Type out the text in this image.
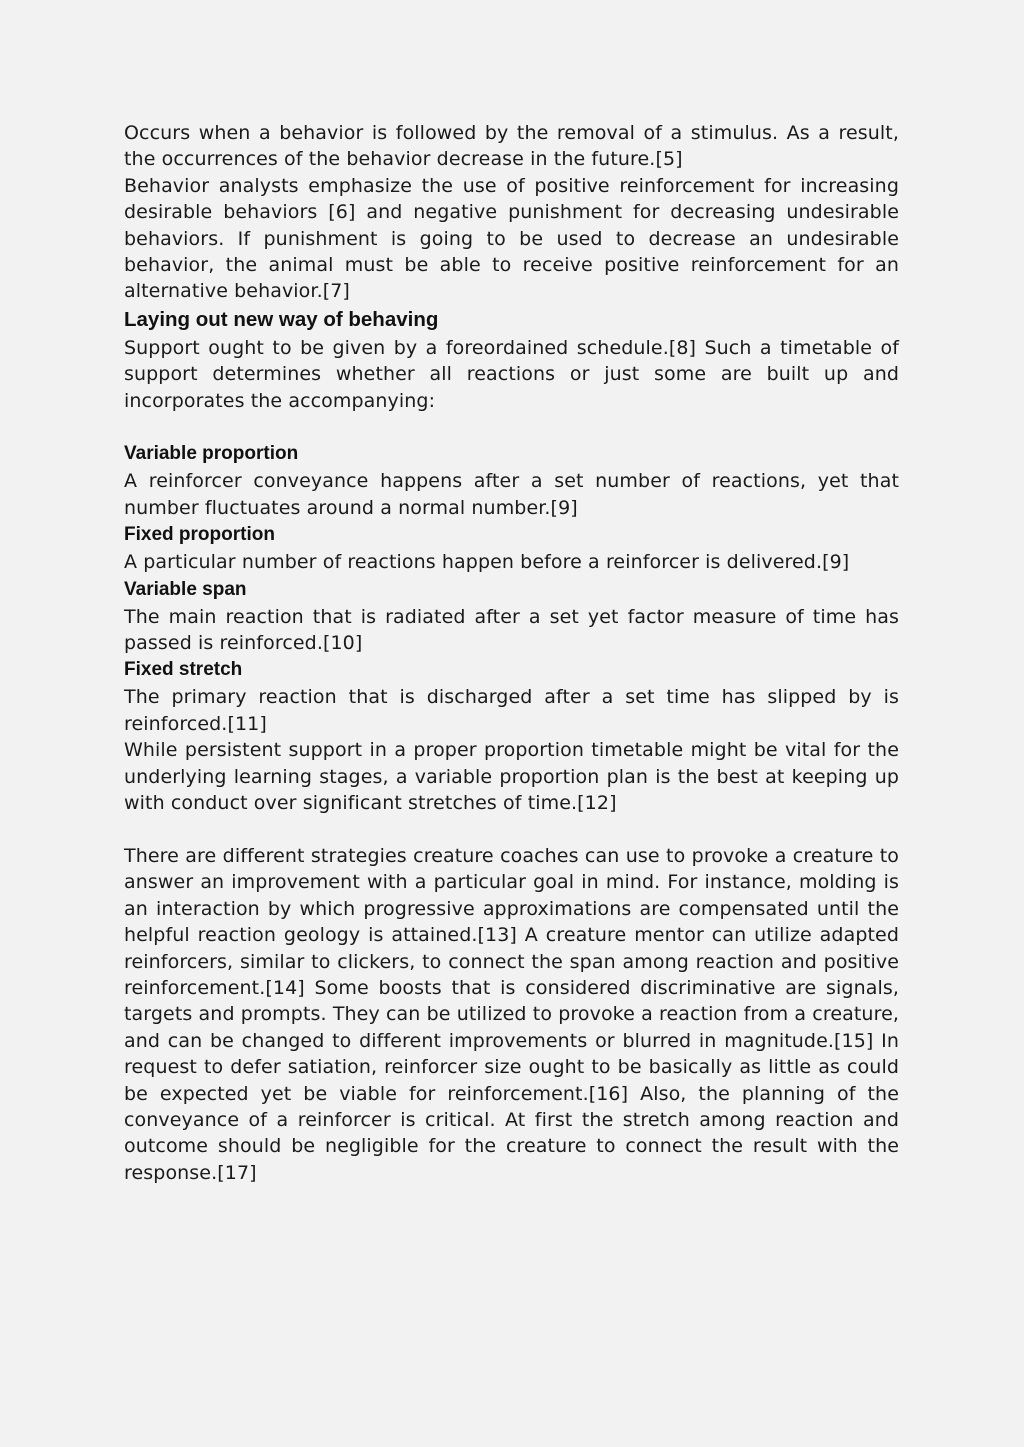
Occurs when a behavior is followed by the removal of a stimulus. As a result, the occurrences of the behavior decrease in the future.[5]

Behavior analysts emphasize the use of positive reinforcement for increasing desirable behaviors [6] and negative punishment for decreasing undesirable behaviors. If punishment is going to be used to decrease an undesirable behavior, the animal must be able to receive positive reinforcement for an alternative behavior.[7]

Laying out new way of behaving

Support ought to be given by a foreordained schedule.[8] Such a timetable of support determines whether all reactions or just some are built up and incorporates the accompanying:

Variable proportion

A reinforcer conveyance happens after a set number of reactions, yet that number fluctuates around a normal number.[9]

Fixed proportion

A particular number of reactions happen before a reinforcer is delivered.[9]

Variable span

The main reaction that is radiated after a set yet factor measure of time has passed is reinforced.[10]

Fixed stretch

The primary reaction that is discharged after a set time has slipped by is reinforced.[11]

While persistent support in a proper proportion timetable might be vital for the underlying learning stages, a variable proportion plan is the best at keeping up with conduct over significant stretches of time.[12]

There are different strategies creature coaches can use to provoke a creature to answer an improvement with a particular goal in mind. For instance, molding is an interaction by which progressive approximations are compensated until the helpful reaction geology is attained.[13] A creature mentor can utilize adapted reinforcers, similar to clickers, to connect the span among reaction and positive reinforcement.[14] Some boosts that is considered discriminative are signals, targets and prompts. They can be utilized to provoke a reaction from a creature, and can be changed to different improvements or blurred in magnitude.[15] In request to defer satiation, reinforcer size ought to be basically as little as could be expected yet be viable for reinforcement.[16] Also, the planning of the conveyance of a reinforcer is critical. At first the stretch among reaction and outcome should be negligible for the creature to connect the result with the response.[17]
